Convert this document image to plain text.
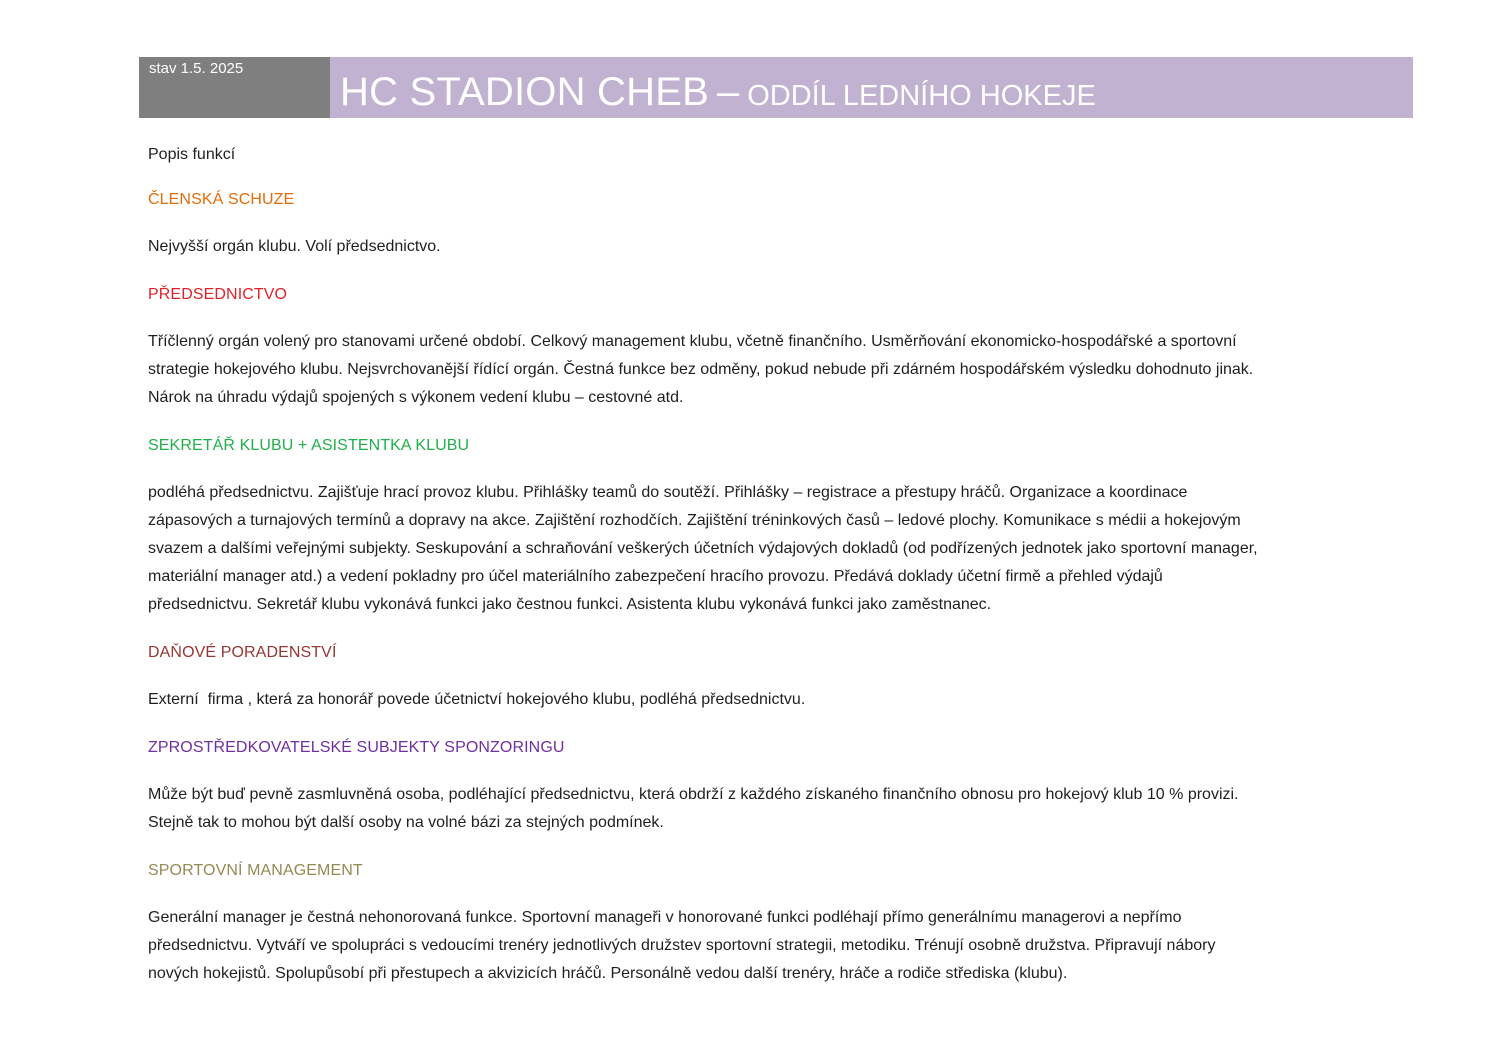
stav 1.5. 2025
HC STADION CHEB – ODDÍL LEDNÍHO HOKEJE
Popis funkcí
ČLENSKÁ SCHUZE

Nejvyšší orgán klubu. Volí předsednictvo.

PŘEDSEDNICTVO

Tříčlenný orgán volený pro stanovami určené období. Celkový management klubu, včetně finančního. Usměrňování ekonomicko-hospodářské a sportovní

strategie hokejového klubu. Nejsvrchovanější řídící orgán. Čestná funkce bez odměny, pokud nebude při zdárném hospodářském výsledku dohodnuto jinak.

Nárok na úhradu výdajů spojených s výkonem vedení klubu – cestovné atd.

SEKRETÁŘ KLUBU + ASISTENTKA KLUBU

podléhá předsednictvu. Zajišťuje hrací provoz klubu. Přihlášky teamů do soutěží. Přihlášky – registrace a přestupy hráčů. Organizace a koordinace

zápasových a turnajových termínů a dopravy na akce. Zajištění rozhodčích. Zajištění tréninkových časů – ledové plochy. Komunikace s médii a hokejovým

svazem a dalšími veřejnými subjekty. Seskupování a schraňování veškerých účetních výdajových dokladů (od podřízených jednotek jako sportovní manager,

materiální manager atd.) a vedení pokladny pro účel materiálního zabezpečení hracího provozu. Předává doklady účetní firmě a přehled výdajů

předsednictvu. Sekretář klubu vykonává funkci jako čestnou funkci. Asistenta klubu vykonává funkci jako zaměstnanec.

DAŇOVÉ PORADENSTVÍ

Externí  firma , která za honorář povede účetnictví hokejového klubu, podléhá předsednictvu.

ZPROSTŘEDKOVATELSKÉ SUBJEKTY SPONZORINGU

Může být buď pevně zasmluvněná osoba, podléhající předsednictvu, která obdrží z každého získaného finančního obnosu pro hokejový klub 10 % provizi.

Stejně tak to mohou být další osoby na volné bázi za stejných podmínek.

SPORTOVNÍ MANAGEMENT

Generální manager je čestná nehonorovaná funkce. Sportovní manageři v honorované funkci podléhají přímo generálnímu managerovi a nepřímo

předsednictvu. Vytváří ve spolupráci s vedoucími trenéry jednotlivých družstev sportovní strategii, metodiku. Trénují osobně družstva. Připravují nábory

nových hokejistů. Spolupůsobí při přestupech a akvizicích hráčů. Personálně vedou další trenéry, hráče a rodiče střediska (klubu).
